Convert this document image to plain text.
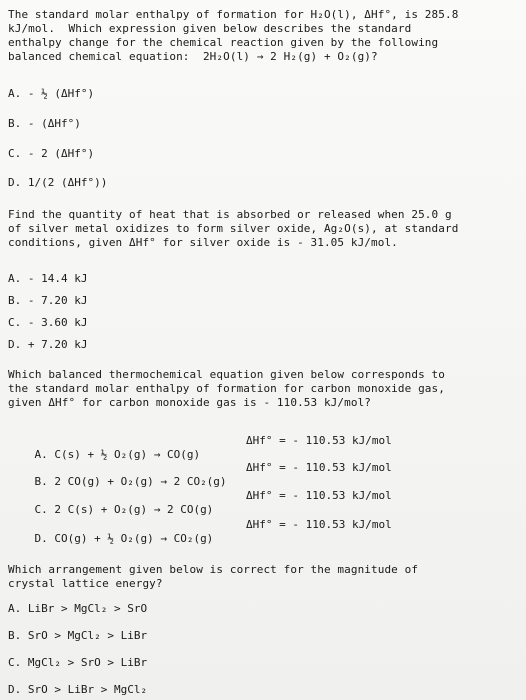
The standard molar enthalpy of formation for H₂O(l), ΔHf°, is 285.8
kJ/mol.  Which expression given below describes the standard
enthalpy change for the chemical reaction given by the following
balanced chemical equation:  2H₂O(l) → 2 H₂(g) + O₂(g)?
A. - ½ (ΔHf°)
B. - (ΔHf°)
C. - 2 (ΔHf°)
D. 1/(2 (ΔHf°))
Find the quantity of heat that is absorbed or released when 25.0 g
of silver metal oxidizes to form silver oxide, Ag₂O(s), at standard
conditions, given ΔHf° for silver oxide is - 31.05 kJ/mol.
A. - 14.4 kJ
B. - 7.20 kJ
C. - 3.60 kJ
D. + 7.20 kJ
Which balanced thermochemical equation given below corresponds to
the standard molar enthalpy of formation for carbon monoxide gas,
given ΔHf° for carbon monoxide gas is - 110.53 kJ/mol?

A. C(s) + ½ O₂(g) → CO(g)

ΔHf° = - 110.53 kJ/mol

B. 2 CO(g) + O₂(g) → 2 CO₂(g)

ΔHf° = - 110.53 kJ/mol

C. 2 C(s) + O₂(g) → 2 CO(g)

ΔHf° = - 110.53 kJ/mol

D. CO(g) + ½ O₂(g) → CO₂(g)

ΔHf° = - 110.53 kJ/mol

Which arrangement given below is correct for the magnitude of
crystal lattice energy?
A. LiBr > MgCl₂ > SrO
B. SrO > MgCl₂ > LiBr
C. MgCl₂ > SrO > LiBr
D. SrO > LiBr > MgCl₂
